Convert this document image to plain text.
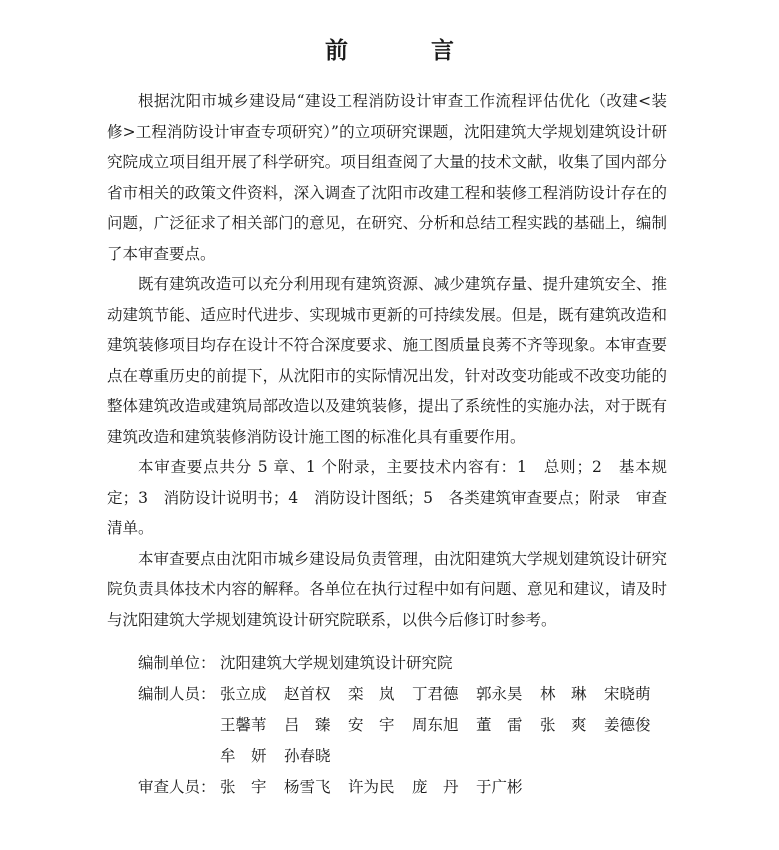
前　言

根据沈阳市城乡建设局“建设工程消防设计审查工作流程评估优化（改建<装修>工程消防设计审查专项研究）”的立项研究课题，沈阳建筑大学规划建筑设计研究院成立项目组开展了科学研究。项目组查阅了大量的技术文献，收集了国内部分省市相关的政策文件资料，深入调查了沈阳市改建工程和装修工程消防设计存在的问题，广泛征求了相关部门的意见，在研究、分析和总结工程实践的基础上，编制了本审查要点。

既有建筑改造可以充分利用现有建筑资源、减少建筑存量、提升建筑安全、推动建筑节能、适应时代进步、实现城市更新的可持续发展。但是，既有建筑改造和建筑装修项目均存在设计不符合深度要求、施工图质量良莠不齐等现象。本审查要点在尊重历史的前提下，从沈阳市的实际情况出发，针对改变功能或不改变功能的整体建筑改造或建筑局部改造以及建筑装修，提出了系统性的实施办法，对于既有建筑改造和建筑装修消防设计施工图的标准化具有重要作用。

本审查要点共分 5 章、1 个附录，主要技术内容有：1　总则；2　基本规定；3　消防设计说明书；4　消防设计图纸；5　各类建筑审查要点；附录　审查清单。

本审查要点由沈阳市城乡建设局负责管理，由沈阳建筑大学规划建筑设计研究院负责具体技术内容的解释。各单位在执行过程中如有问题、意见和建议，请及时与沈阳建筑大学规划建筑设计研究院联系，以供今后修订时参考。

编制单位： 沈阳建筑大学规划建筑设计研究院
编制人员： 张立成	赵首权	栾　岚	丁君德	郭永昊	林　琳	宋晓萌
王馨苇	吕　臻	安　宇	周东旭	董　雷	张　爽	姜德俊
牟　妍	孙春晓
审查人员： 张　宇	杨雪飞	许为民	庞　丹	于广彬
